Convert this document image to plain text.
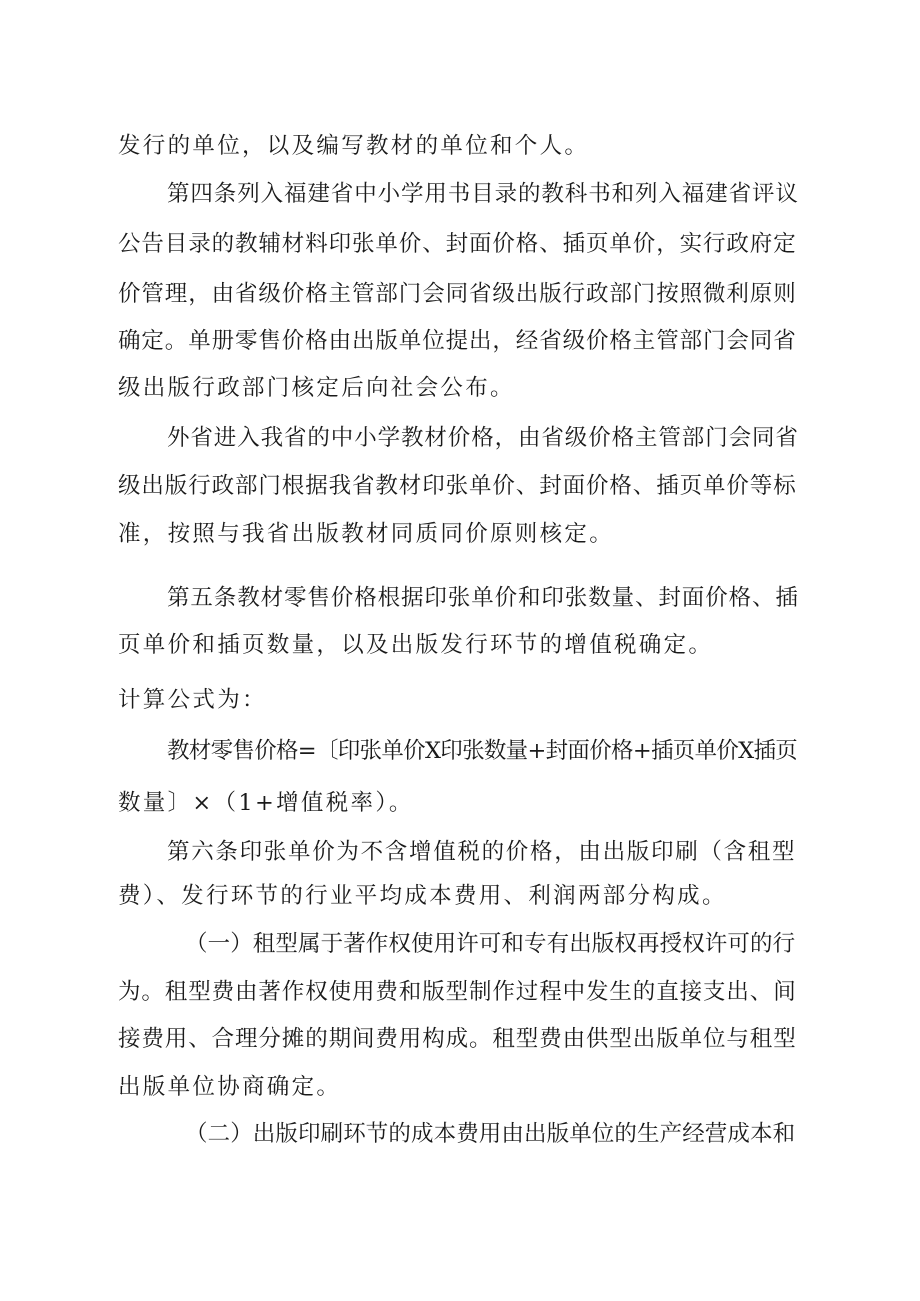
发行的单位，以及编写教材的单位和个人。
第四条列入福建省中小学用书目录的教科书和列入福建省评议
公告目录的教辅材料印张单价、封面价格、插页单价，实行政府定
价管理，由省级价格主管部门会同省级出版行政部门按照微利原则
确定。单册零售价格由出版单位提出，经省级价格主管部门会同省
级出版行政部门核定后向社会公布。
外省进入我省的中小学教材价格，由省级价格主管部门会同省
级出版行政部门根据我省教材印张单价、封面价格、插页单价等标
准，按照与我省出版教材同质同价原则核定。
第五条教材零售价格根据印张单价和印张数量、封面价格、插
页单价和插页数量，以及出版发行环节的增值税确定。
计算公式为：
教材零售价格=〔印张单价X印张数量+封面价格+插页单价X插页
数量〕×（1+增值税率）。
第六条印张单价为不含增值税的价格，由出版印刷（含租型
费）、发行环节的行业平均成本费用、利润两部分构成。
（一）租型属于著作权使用许可和专有出版权再授权许可的行
为。租型费由著作权使用费和版型制作过程中发生的直接支出、间
接费用、合理分摊的期间费用构成。租型费由供型出版单位与租型
出版单位协商确定。
（二）出版印刷环节的成本费用由出版单位的生产经营成本和
